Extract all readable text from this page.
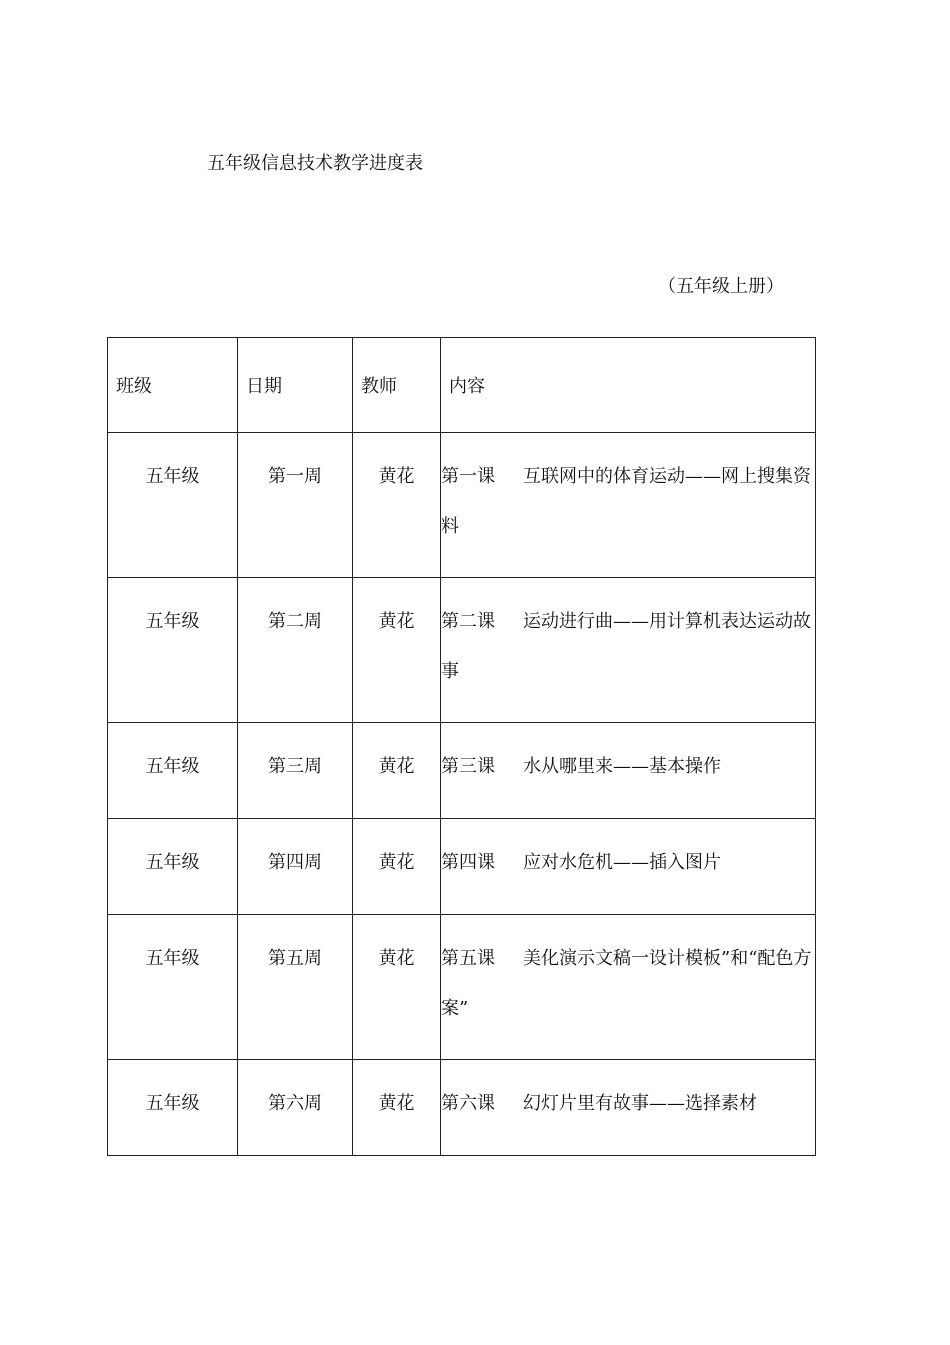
五年级信息技术教学进度表
（五年级上册）
班级	日期	教师	内容

五年级	第一周	黄花	第一课 互联网中的体育运动——网上搜集资料

五年级	第二周	黄花	第二课 运动进行曲——用计算机表达运动故事

五年级	第三周	黄花	第三课 水从哪里来——基本操作

五年级	第四周	黄花	第四课 应对水危机——插入图片

五年级	第五周	黄花	第五课 美化演示文稿一设计模板”和“配色方案”

五年级	第六周	黄花	第六课 幻灯片里有故事——选择素材
